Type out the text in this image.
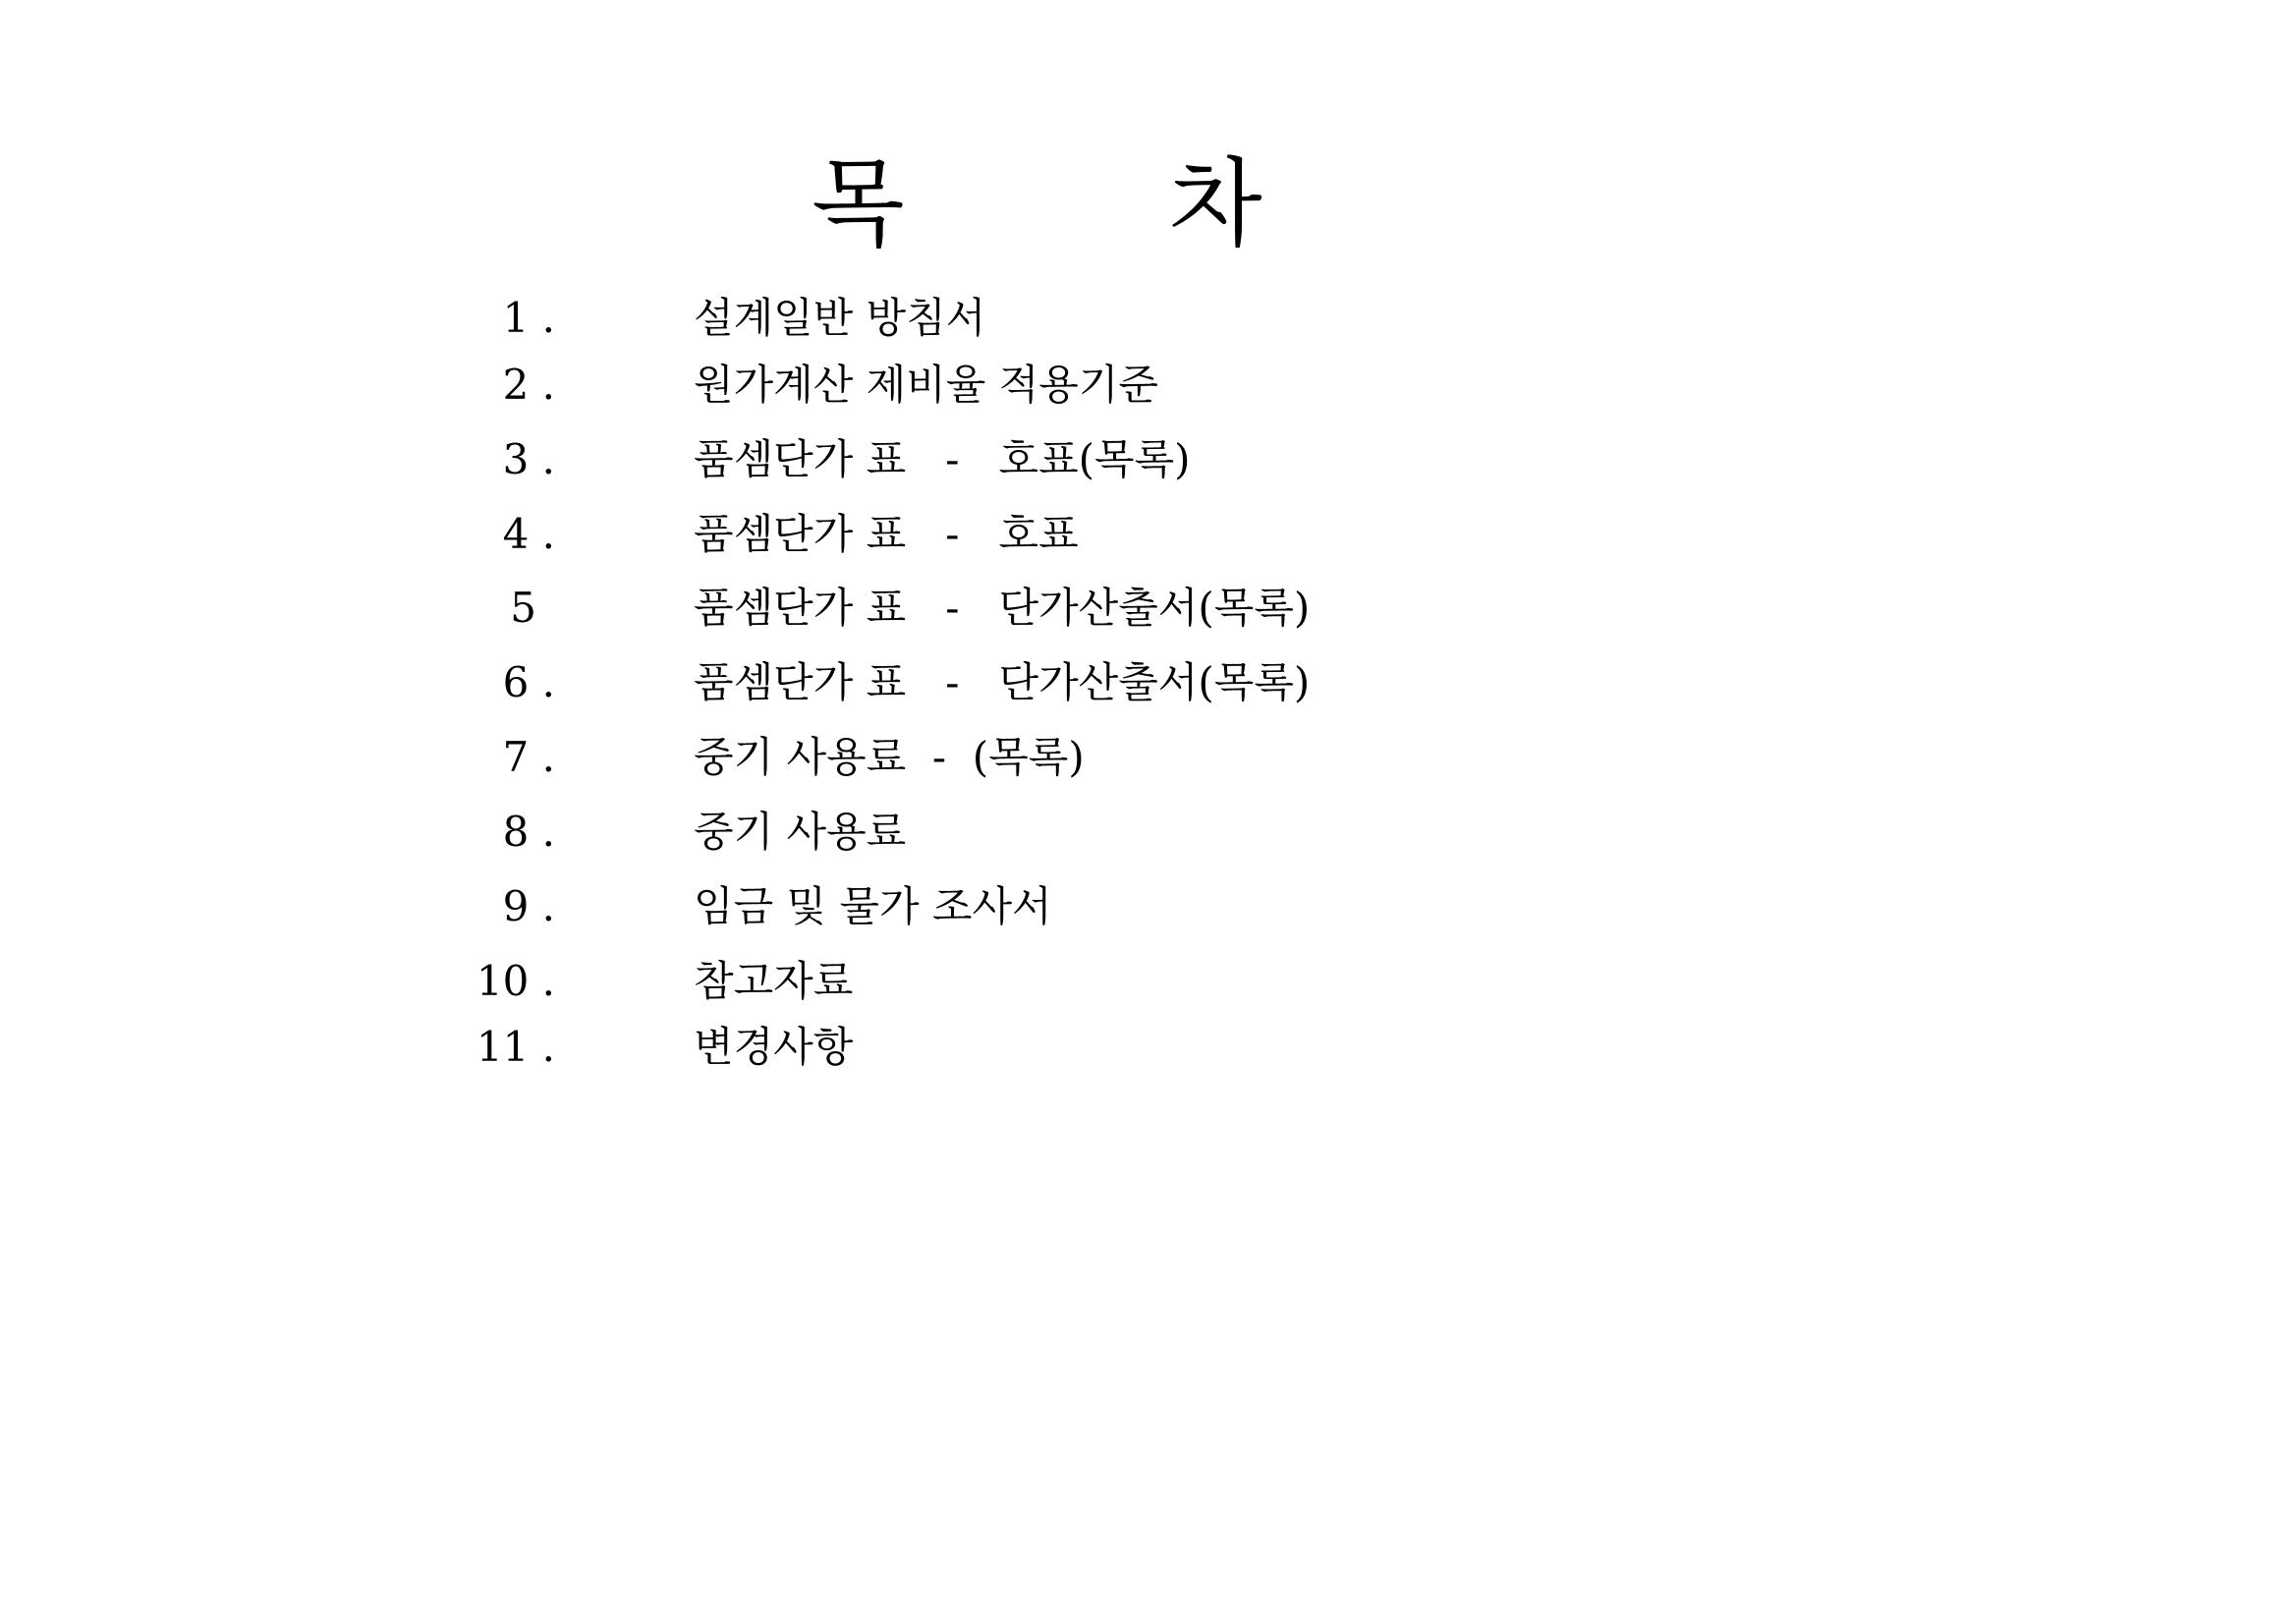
목	차
1 .	설계일반 방침서
2 .	원가계산 제비율 적용기준
3 .	품셈단가 표   -   호표(목록)
4 .	품셈단가 표   -   호표
5	품셈단가 표   -   단가산출서(목록)
6 .	품셈단가 표   -   단가산출서(목록)
7 .	중기 사용료  -  (목록)
8 .	중기 사용료
9 .	임금 및 물가 조사서
10 .	참고자료
11 .	변경사항
